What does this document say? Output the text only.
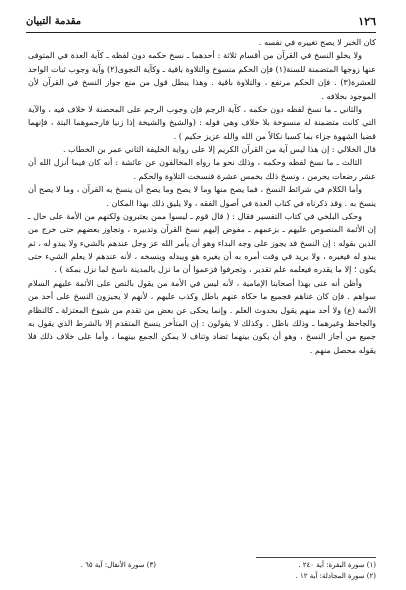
١٢٦
مقدمة التبيان

كان الخبر لا يصح تغييره في نفسه .

ولا يخلو النسخ في القرآن من أقسام ثلاثة : أحدهما ـ نسخ حكمه دون لفظه ـ كآية العدة في المتوفى عنها زوجها المتضمنة للسنة(١) فإن الحكم منسوخ والتلاوة باقية ـ وكآية النجوى(٢) وآية وجوب ثبات الواحد للعشرة(٣) . فإن الحكم مرتفع ، والتلاوة باقية . وهذا يبطل قول من منع جواز النسخ في القرآن لأن الموجود بخلافه .

والثاني ـ ما نسخ لفظه دون حكمه ، كآية الرجم فإن وجوب الرجم على المحصنة لا خلاف فيه ، والآية التي كانت متضمنة له منسوخة بلا خلاف وهي قوله : (والشيخ والشيخة إذا زنيا فارجموهما البتة ، فإنهما قضيا الشهوة جزاء بما كسبا نكالاً من الله والله عزيز حكيم ) .

قال الخلالي : إن هذا ليس آية من القرآن الكريم إلا على رواية الخليفة الثاني عمر بن الخطاب .

الثالث ـ ما نسخ لفظه وحكمه ، وذلك نحو ما رواه المخالفون عن عائشة : أنه كان فيما أنزل الله أن عشر رضعات يحرمن ، ونسخ ذلك بخمس عشرة فنسخت التلاوة والحكم .

وأما الكلام في شرائط النسخ ، فما يصح منها وما لا يصح وما يصح أن ينسخ به القرآن ، وما لا يصح أن ينسخ به . وقد ذكرناه في كتاب العدة في أصول الفقه ، ولا يليق ذلك بهذا المكان .

وحكى البلخي في كتاب التفسير فقال : ( قال قوم ـ ليسوا ممن يعتبرون ولكنهم من الأمة على حال ـ إن الأئمة المنصوص عليهم ـ بزعمهم ـ مفوض إليهم نسخ القرآن وتدبيره ، وتجاوز بعضهم حتى خرج من الدين بقوله : إن النسخ قد يجوز على وجه البداء وهو أن يأمر الله عز وجل عندهم بالشيء ولا يبدو له ، ثم يبدو له فيغيره ، ولا يريد في وقت أمره به أن يغيره هو ويبدله وينسخه ، لأنه عندهم لا يعلم الشيء حتى يكون ؛ إلا ما يقدره فيعلمه علم تقدير ، وتجرفوا فزعموا أن ما نزل بالمدينة ناسخ لما نزل بمكة ) .

وأظن أنه عنى بهذا أصحابنا الإمامية ، لأنه ليس في الأمة من يقول بالنص على الأئمة عليهم السلام سواهم . فإن كان عناهم فجميع ما حكاه عنهم باطل وكذب عليهم ، لأنهم لا يجيزون النسخ على أحد من الأئمة (ع) ولا أحد منهم يقول بحدوث العلم . وإنما يحكى عن بعض من تقدم من شيوخ المعتزلة ـ كالنظام والجاحظ وغيرهما ـ وذلك باطل . وكذلك لا يقولون : إن المتأخر ينسخ المتقدم إلا بالشرط الذي يقول به جميع من أجاز النسخ ، وهو أن يكون بينهما تضاد وتناف لا يمكن الجمع بينهما ، وأما على خلاف ذلك فلا يقوله محصل منهم .

(١) سورة البقرة: آية ٢٤٠ .
(٣) سورة الأنفال: آية ٦٥ .
(٢) سورة المجادلة: آية ١٢ .
